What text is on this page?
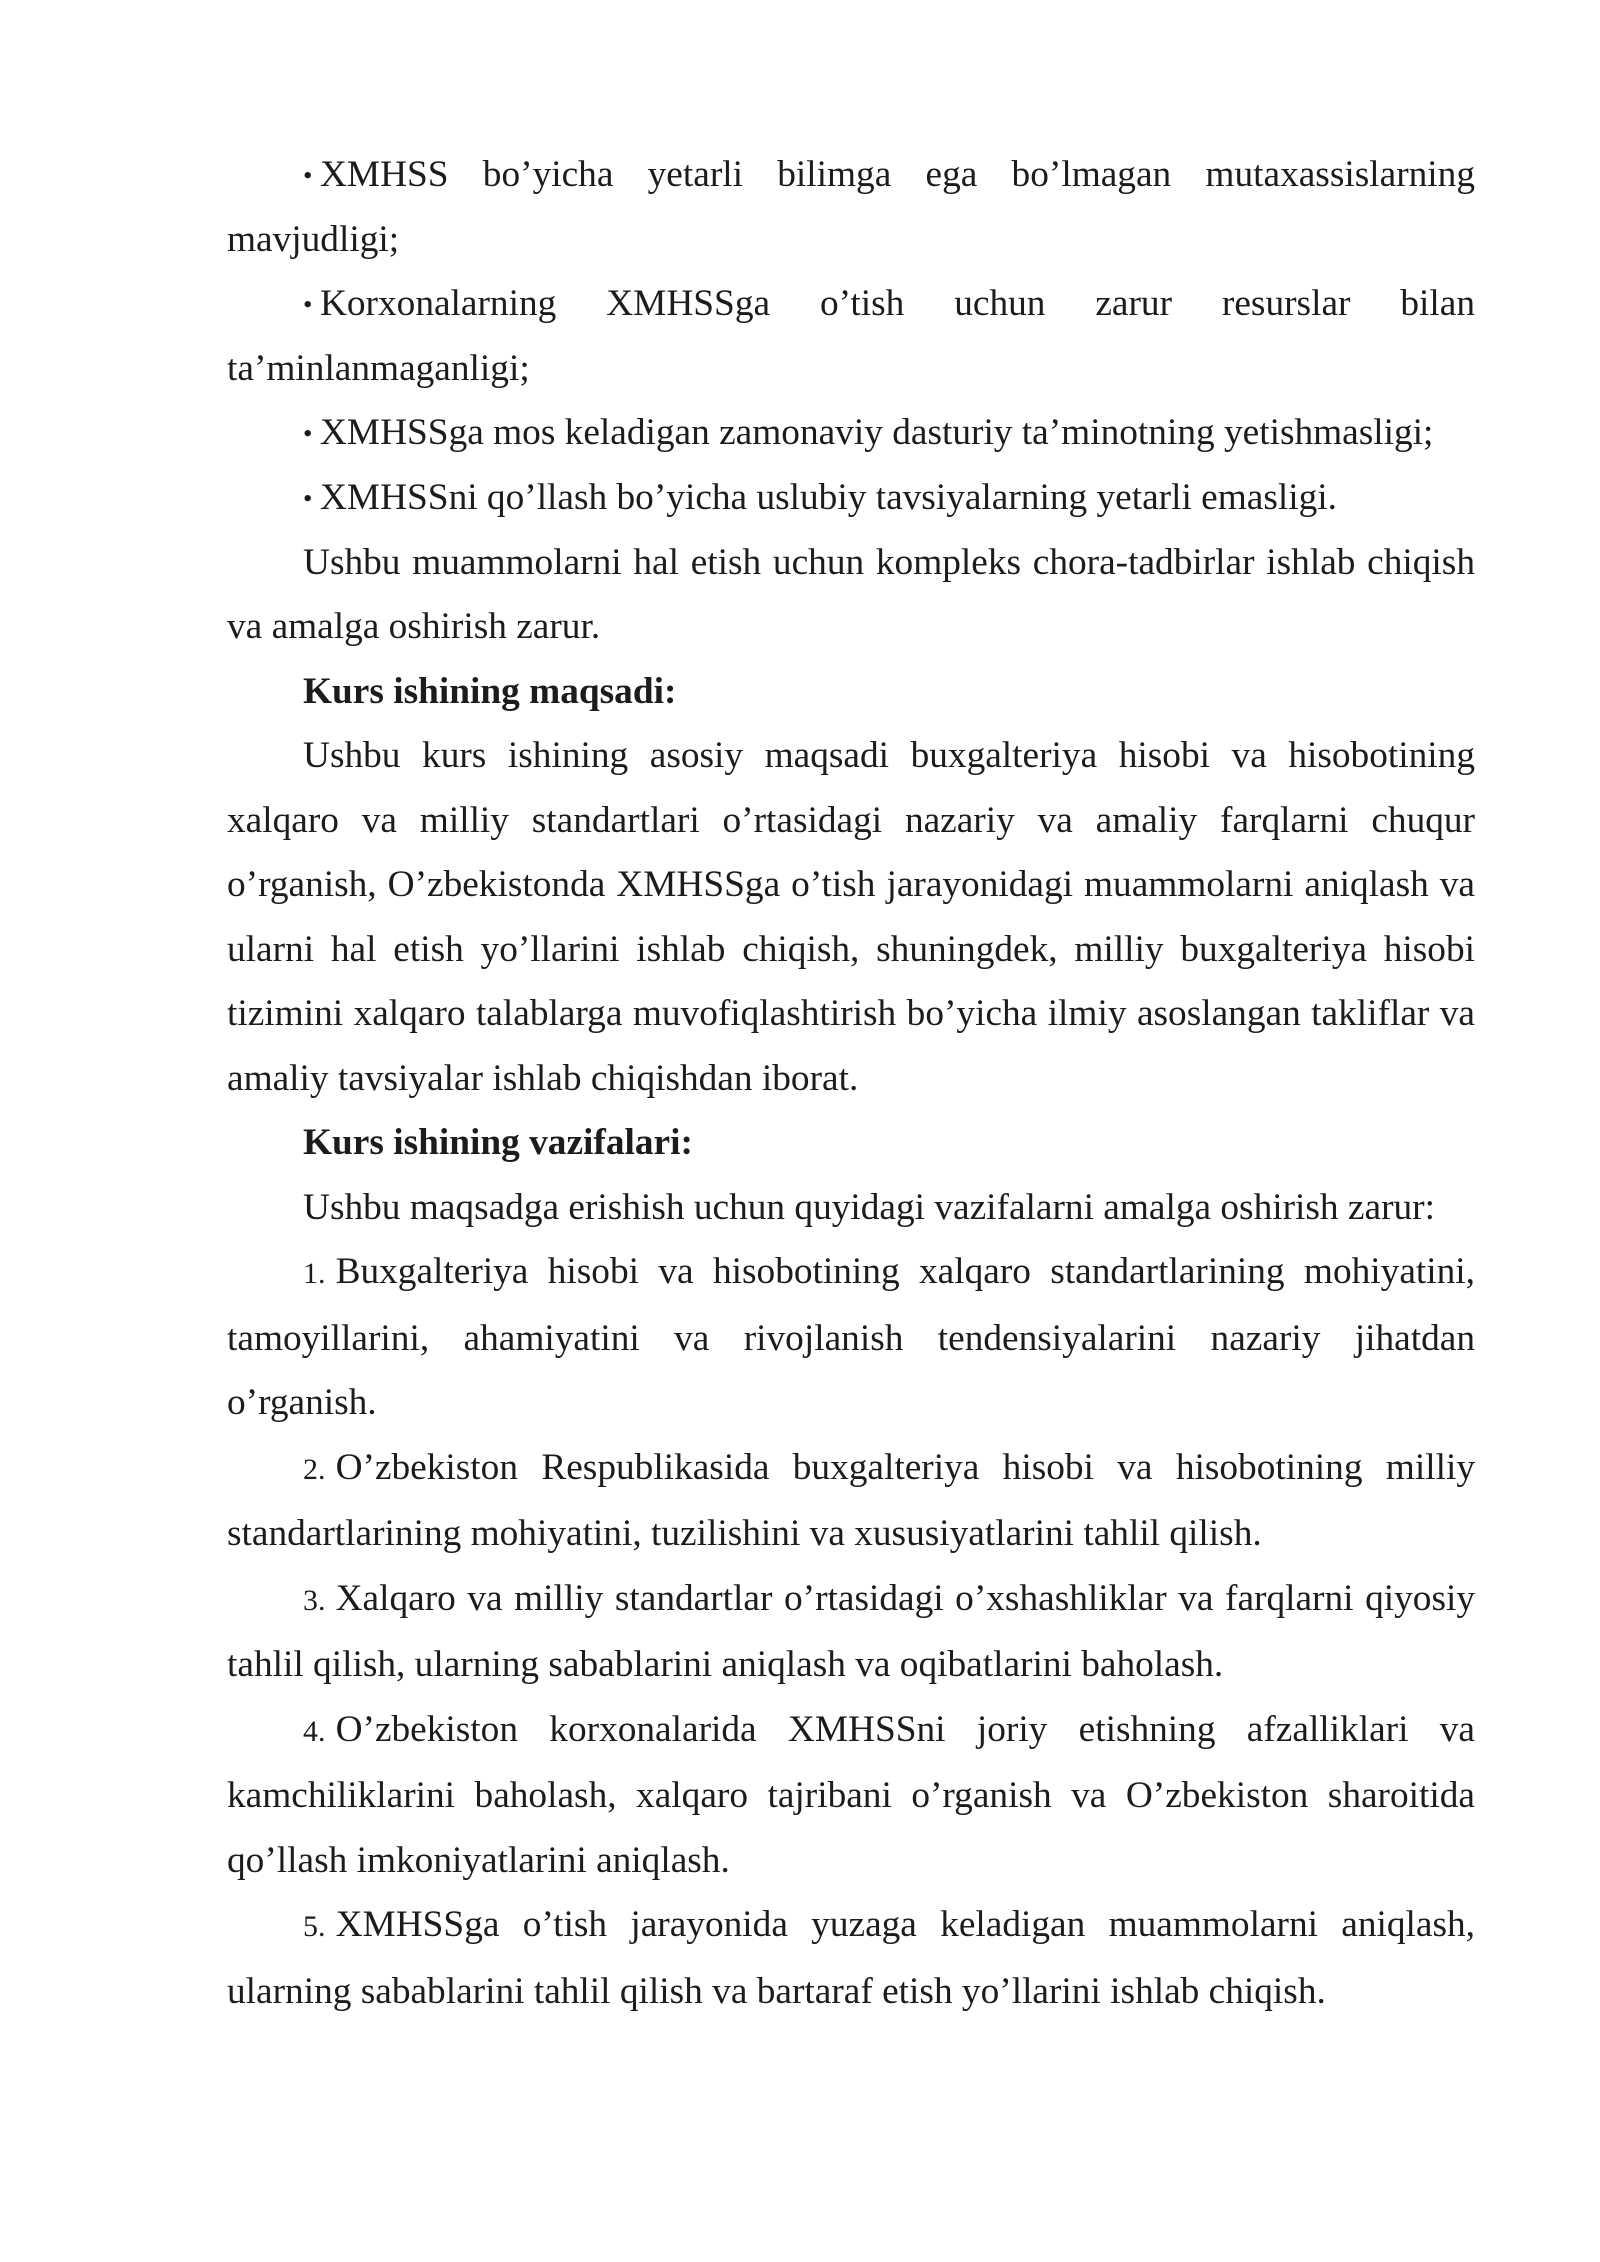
• XMHSS bo’yicha yetarli bilimga ega bo’lmagan mutaxassislarning mavjudligi;

• Korxonalarning XMHSSga o’tish uchun zarur resurslar bilan ta’minlanmaganligi;

• XMHSSga mos keladigan zamonaviy dasturiy ta’minotning yetishmasligi;

• XMHSSni qo’llash bo’yicha uslubiy tavsiyalarning yetarli emasligi.

Ushbu muammolarni hal etish uchun kompleks chora-tadbirlar ishlab chiqish va amalga oshirish zarur.

Kurs ishining maqsadi:

Ushbu kurs ishining asosiy maqsadi buxgalteriya hisobi va hisobotining xalqaro va milliy standartlari o’rtasidagi nazariy va amaliy farqlarni chuqur o’rganish, O’zbekistonda XMHSSga o’tish jarayonidagi muammolarni aniqlash va ularni hal etish yo’llarini ishlab chiqish, shuningdek, milliy buxgalteriya hisobi tizimini xalqaro talablarga muvofiqlashtirish bo’yicha ilmiy asoslangan takliflar va amaliy tavsiyalar ishlab chiqishdan iborat.

Kurs ishining vazifalari:

Ushbu maqsadga erishish uchun quyidagi vazifalarni amalga oshirish zarur:

1. Buxgalteriya hisobi va hisobotining xalqaro standartlarining mohiyatini, tamoyillarini, ahamiyatini va rivojlanish tendensiyalarini nazariy jihatdan o’rganish.

2. O’zbekiston Respublikasida buxgalteriya hisobi va hisobotining milliy standartlarining mohiyatini, tuzilishini va xususiyatlarini tahlil qilish.

3. Xalqaro va milliy standartlar o’rtasidagi o’xshashliklar va farqlarni qiyosiy tahlil qilish, ularning sabablarini aniqlash va oqibatlarini baholash.

4. O’zbekiston korxonalarida XMHSSni joriy etishning afzalliklari va kamchiliklarini baholash, xalqaro tajribani o’rganish va O’zbekiston sharoitida qo’llash imkoniyatlarini aniqlash.

5. XMHSSga o’tish jarayonida yuzaga keladigan muammolarni aniqlash, ularning sabablarini tahlil qilish va bartaraf etish yo’llarini ishlab chiqish.
